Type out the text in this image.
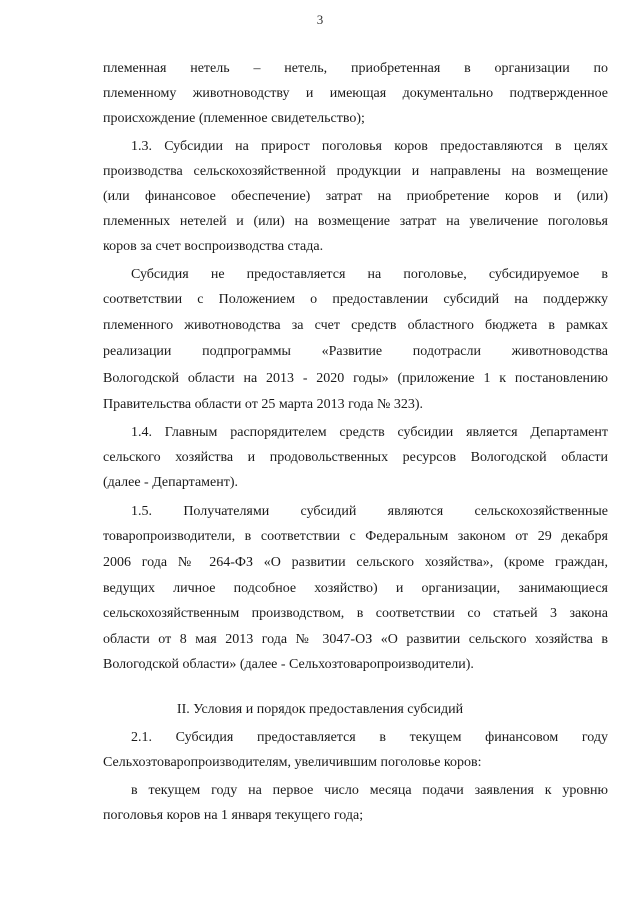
3
племенная нетель – нетель, приобретенная в организации по
племенному животноводству и имеющая документально подтвержденное
происхождение (племенное свидетельство);
1.3. Субсидии на прирост поголовья коров предоставляются в целях
производства сельскохозяйственной продукции и направлены на возмещение
(или финансовое обеспечение) затрат на приобретение коров и (или)
племенных нетелей и (или) на возмещение затрат на увеличение поголовья
коров за счет воспроизводства стада.
Субсидия не предоставляется на поголовье, субсидируемое в
соответствии с Положением о предоставлении субсидий на поддержку
племенного животноводства за счет средств областного бюджета в рамках
реализации подпрограммы «Развитие подотрасли животноводства
Вологодской области на 2013 - 2020 годы» (приложение 1 к постановлению
Правительства области от 25 марта 2013 года № 323).
1.4. Главным распорядителем средств субсидии является Департамент
сельского хозяйства и продовольственных ресурсов Вологодской области
(далее - Департамент).
1.5. Получателями субсидий являются сельскохозяйственные
товаропроизводители, в соответствии с Федеральным законом от 29 декабря
2006 года № 264-ФЗ «О развитии сельского хозяйства», (кроме граждан,
ведущих личное подсобное хозяйство) и организации, занимающиеся
сельскохозяйственным производством, в соответствии со статьей 3 закона
области от 8 мая 2013 года № 3047-ОЗ «О развитии сельского хозяйства в
Вологодской области» (далее - Сельхозтоваропроизводители).
II. Условия и порядок предоставления субсидий
2.1. Субсидия предоставляется в текущем финансовом году
Сельхозтоваропроизводителям, увеличившим поголовье коров:
в текущем году на первое число месяца подачи заявления к уровню
поголовья коров на 1 января текущего года;
